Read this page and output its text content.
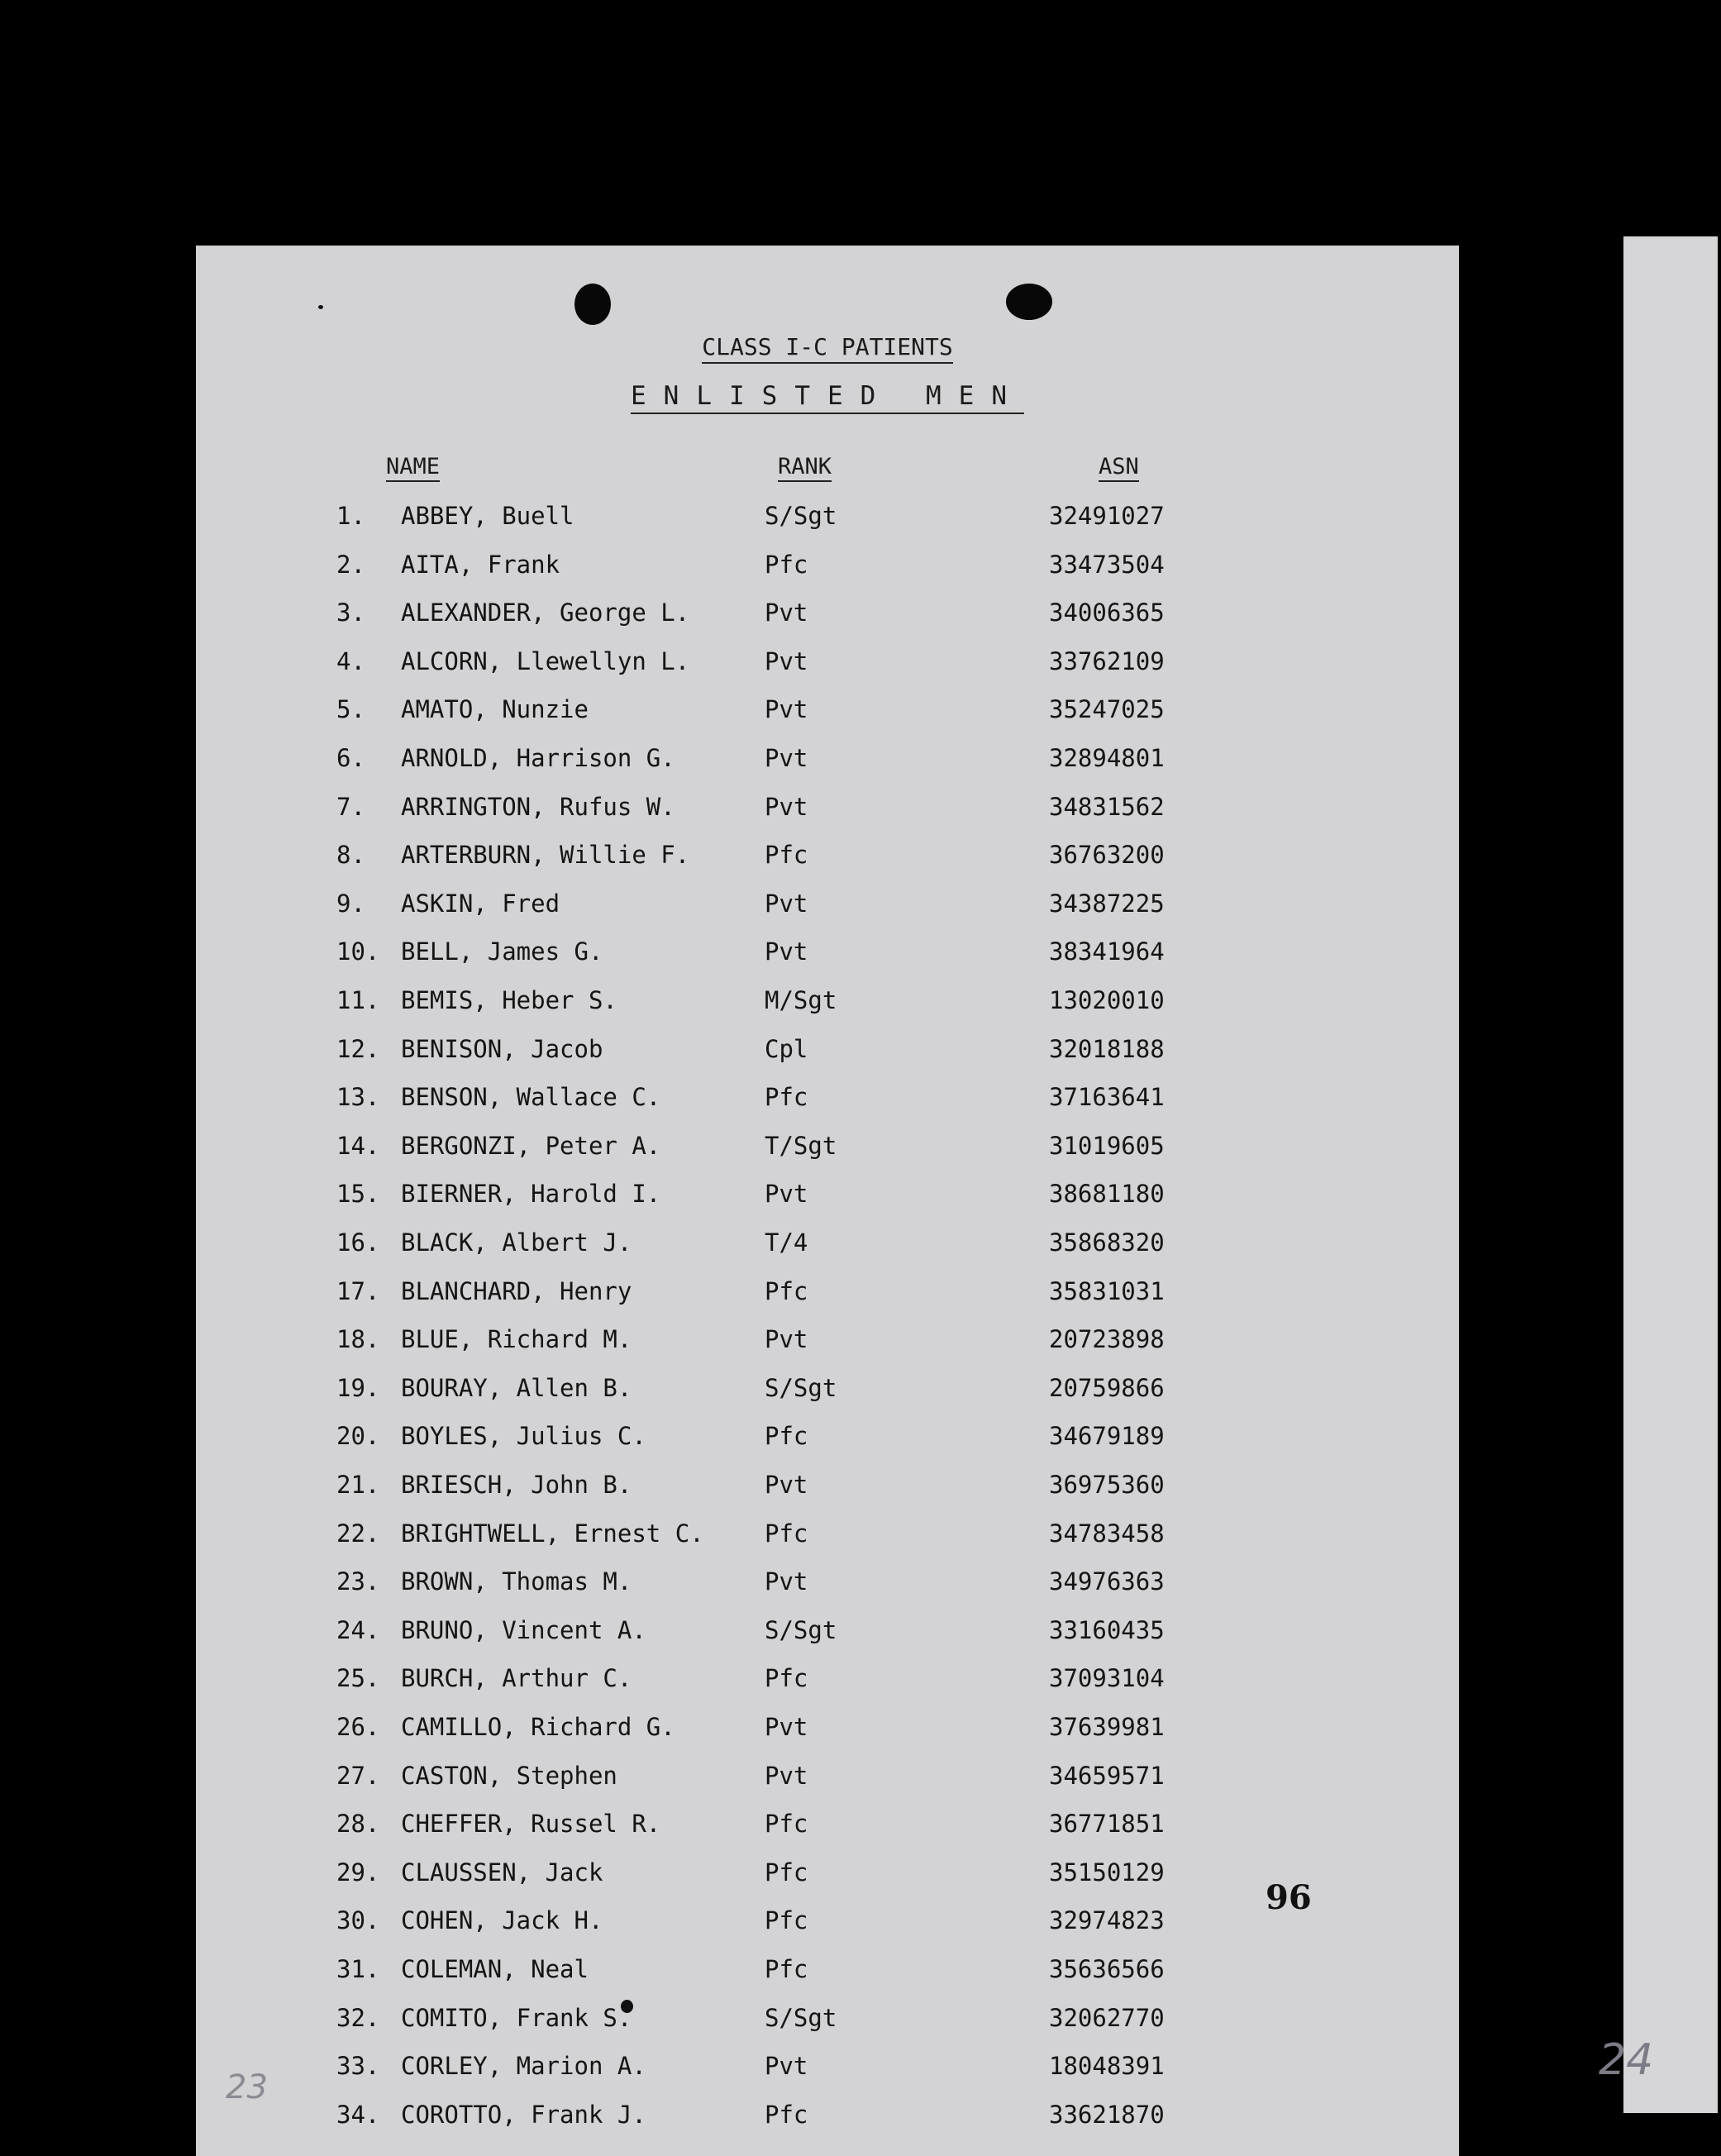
24
CLASS I-C PATIENTS
ENLISTED MEN
NAME	RANK	ASN
1. ABBEY, Buell	S/Sgt	32491027
2. AITA, Frank	Pfc	33473504
3. ALEXANDER, George L.	Pvt	34006365
4. ALCORN, Llewellyn L.	Pvt	33762109
5. AMATO, Nunzie	Pvt	35247025
6. ARNOLD, Harrison G.	Pvt	32894801
7. ARRINGTON, Rufus W.	Pvt	34831562
8. ARTERBURN, Willie F.	Pfc	36763200
9. ASKIN, Fred	Pvt	34387225
10. BELL, James G.	Pvt	38341964
11. BEMIS, Heber S.	M/Sgt	13020010
12. BENISON, Jacob	Cpl	32018188
13. BENSON, Wallace C.	Pfc	37163641
14. BERGONZI, Peter A.	T/Sgt	31019605
15. BIERNER, Harold I.	Pvt	38681180
16. BLACK, Albert J.	T/4	35868320
17. BLANCHARD, Henry	Pfc	35831031
18. BLUE, Richard M.	Pvt	20723898
19. BOURAY, Allen B.	S/Sgt	20759866
20. BOYLES, Julius C.	Pfc	34679189
21. BRIESCH, John B.	Pvt	36975360
22. BRIGHTWELL, Ernest C.	Pfc	34783458
23. BROWN, Thomas M.	Pvt	34976363
24. BRUNO, Vincent A.	S/Sgt	33160435
25. BURCH, Arthur C.	Pfc	37093104
26. CAMILLO, Richard G.	Pvt	37639981
27. CASTON, Stephen	Pvt	34659571
28. CHEFFER, Russel R.	Pfc	36771851
29. CLAUSSEN, Jack	Pfc	35150129
30. COHEN, Jack H.	Pfc	32974823
31. COLEMAN, Neal	Pfc	35636566
32. COMITO, Frank S.	S/Sgt	32062770
33. CORLEY, Marion A.	Pvt	18048391
34. COROTTO, Frank J.	Pfc	33621870
96
23
